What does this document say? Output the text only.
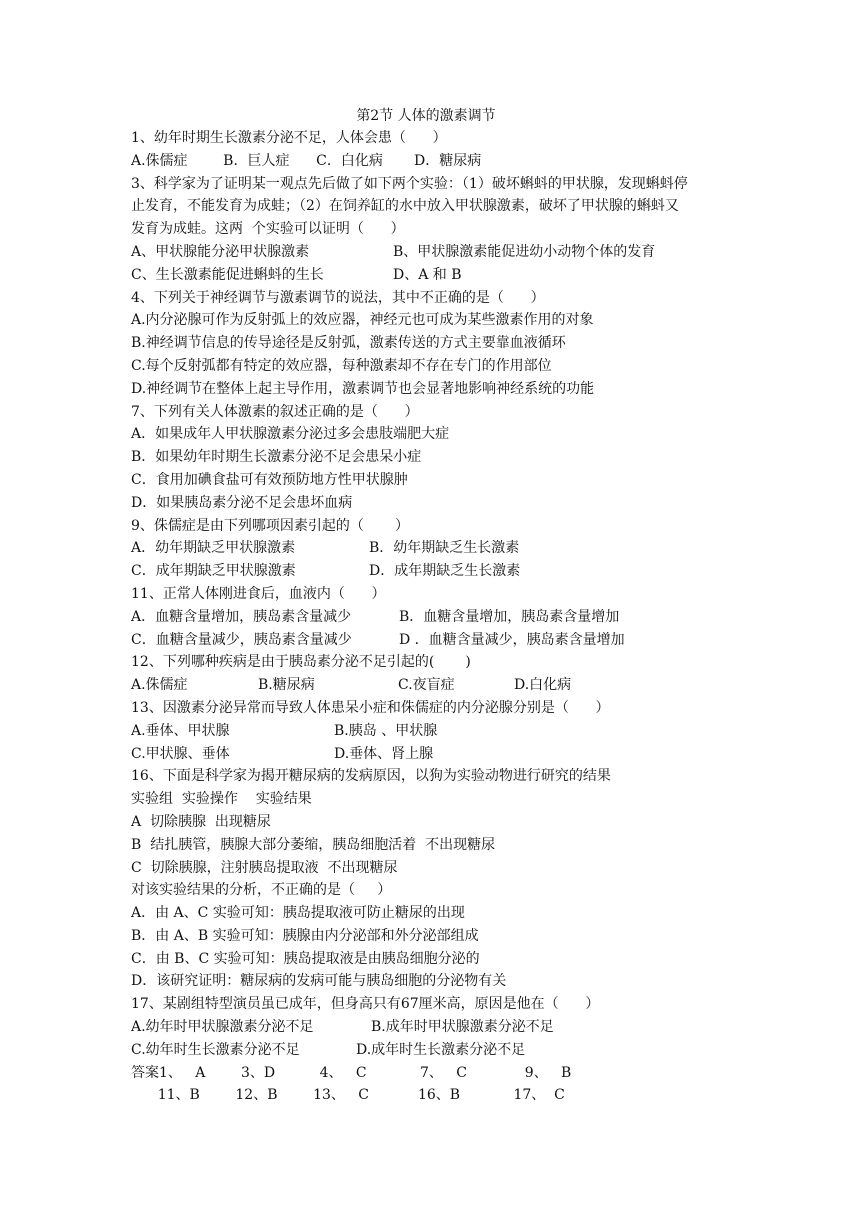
第2节 人体的激素调节
1、幼年时期生长激素分泌不足，人体会患（      ）
A.侏儒症        B．巨人症      C．白化病       D．糖尿病
3、科学家为了证明某一观点先后做了如下两个实验：（1）破坏蝌蚪的甲状腺，发现蝌蚪停
止发育，不能发育为成蛙；（2）在饲养缸的水中放入甲状腺激素，破坏了甲状腺的蝌蚪又
发育为成蛙。这两  个实验可以证明（      ）

A、甲状腺能分泌甲状腺激素

	B、甲状腺激素能促进幼小动物个体的发育

C、生长激素能促进蝌蚪的生长

	D、A 和 B

4、下列关于神经调节与激素调节的说法，其中不正确的是（      ）
A.内分泌腺可作为反射弧上的效应器，神经元也可成为某些激素作用的对象
B.神经调节信息的传导途径是反射弧，激素传送的方式主要靠血液循环
C.每个反射弧都有特定的效应器，每种激素却不存在专门的作用部位
D.神经调节在整体上起主导作用，激素调节也会显著地影响神经系统的功能
7、下列有关人体激素的叙述正确的是（      ）
A．如果成年人甲状腺激素分泌过多会患肢端肥大症
B．如果幼年时期生长激素分泌不足会患呆小症
C．食用加碘食盐可有效预防地方性甲状腺肿
D．如果胰岛素分泌不足会患坏血病
9、侏儒症是由下列哪项因素引起的（       ）

A．幼年期缺乏甲状腺激素

	B．幼年期缺乏生长激素

C．成年期缺乏甲状腺激素

	D．成年期缺乏生长激素

11、正常人体刚进食后，血液内（      ）

A．血糖含量增加，胰岛素含量减少

	B．血糖含量增加，胰岛素含量增加

C．血糖含量减少，胰岛素含量减少

	D ．血糖含量减少，胰岛素含量增加

12、下列哪种疾病是由于胰岛素分泌不足引起的(       )

A.侏儒症

	B.糖尿病

	C.夜盲症

	D.白化病

13、因激素分泌异常而导致人体患呆小症和侏儒症的内分泌腺分别是（      ）

A.垂体、甲状腺

	B.胰岛 、甲状腺

C.甲状腺、垂体

	D.垂体、肾上腺

16、下面是科学家为揭开糖尿病的发病原因，以狗为实验动物进行研究的结果
实验组  实验操作    实验结果
A  切除胰腺  出现糖尿
B  结扎胰管，胰腺大部分萎缩，胰岛细胞活着  不出现糖尿
C  切除胰腺，注射胰岛提取液  不出现糖尿
对该实验结果的分析，不正确的是（     ）
A．由 A、C 实验可知：胰岛提取液可防止糖尿的出现
B．由 A、B 实验可知：胰腺由内分泌部和外分泌部组成
C．由 B、C 实验可知：胰岛提取液是由胰岛细胞分泌的
D．该研究证明：糖尿病的发病可能与胰岛细胞的分泌物有关
17、某剧组特型演员虽已成年，但身高只有67厘米高，原因是他在（      ）

A.幼年时甲状腺激素分泌不足

	B.成年时甲状腺激素分泌不足

C.幼年时生长激素分泌不足

	D.成年时生长激素分泌不足

答案1、   A        3、D          4、   C            7、   C             9、   B
11、B        12、B        13、   C           16、B            17、  C
